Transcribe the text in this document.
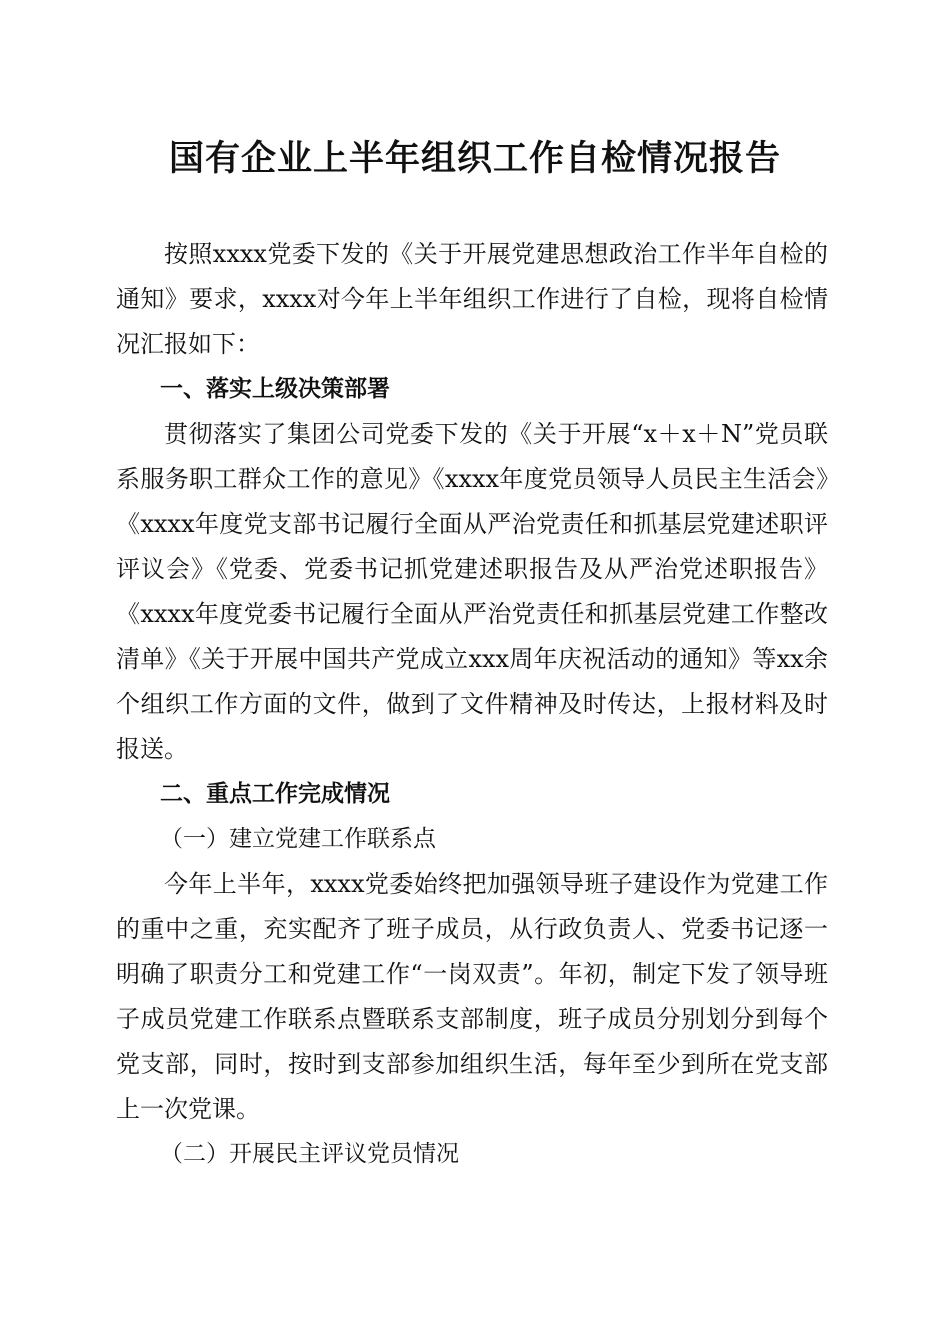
国有企业上半年组织工作自检情况报告

按照xxxx党委下发的《关于开展党建思想政治工作半年自检的通知》要求，xxxx对今年上半年组织工作进行了自检，现将自检情况汇报如下：

一、落实上级决策部署

贯彻落实了集团公司党委下发的《关于开展“x＋x＋N”党员联系服务职工群众工作的意见》《xxxx年度党员领导人员民主生活会》《xxxx年度党支部书记履行全面从严治党责任和抓基层党建述职评评议会》《党委、党委书记抓党建述职报告及从严治党述职报告》《xxxx年度党委书记履行全面从严治党责任和抓基层党建工作整改清单》《关于开展中国共产党成立xxx周年庆祝活动的通知》等xx余个组织工作方面的文件，做到了文件精神及时传达，上报材料及时报送。

二、重点工作完成情况
（一）建立党建工作联系点

今年上半年，xxxx党委始终把加强领导班子建设作为党建工作的重中之重，充实配齐了班子成员，从行政负责人、党委书记逐一明确了职责分工和党建工作“一岗双责”。年初，制定下发了领导班子成员党建工作联系点暨联系支部制度，班子成员分别划分到每个党支部，同时，按时到支部参加组织生活，每年至少到所在党支部上一次党课。

（二）开展民主评议党员情况
